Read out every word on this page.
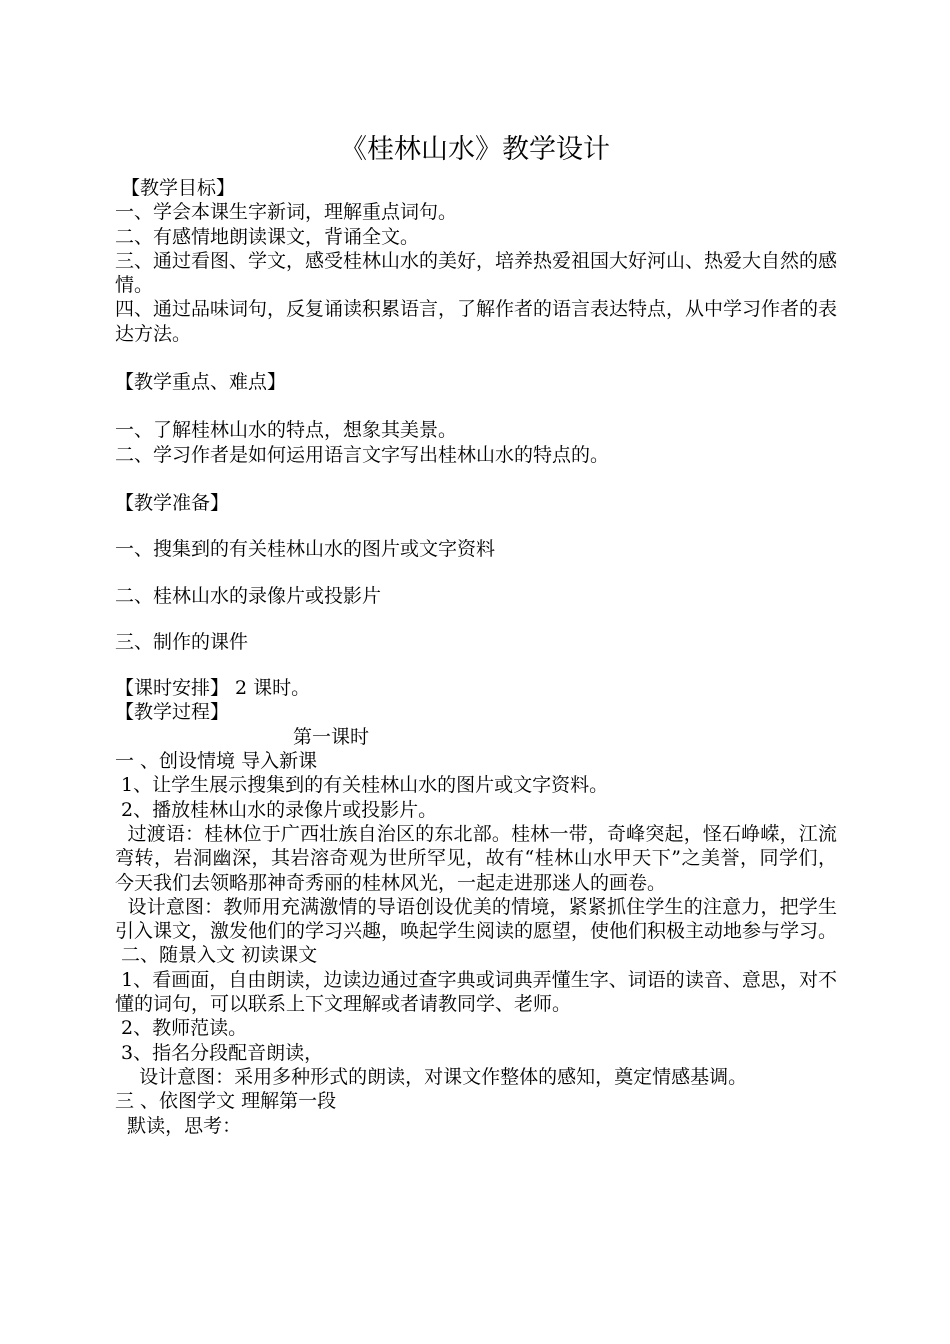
《桂林山水》教学设计

【教学目标】

一、学会本课生字新词，理解重点词句。

二、有感情地朗读课文，背诵全文。

三、通过看图、学文，感受桂林山水的美好，培养热爱祖国大好河山、热爱大自然的感情。

四、通过品味词句，反复诵读积累语言，了解作者的语言表达特点，从中学习作者的表达方法。

【教学重点、难点】

一、了解桂林山水的特点，想象其美景。

二、学习作者是如何运用语言文字写出桂林山水的特点的。

【教学准备】

一、搜集到的有关桂林山水的图片或文字资料

二、桂林山水的录像片或投影片

三、制作的课件

【课时安排】 2 课时。

【教学过程】

第一课时

一 、创设情境 导入新课

1、让学生展示搜集到的有关桂林山水的图片或文字资料。

2、播放桂林山水的录像片或投影片。

过渡语：桂林位于广西壮族自治区的东北部。桂林一带，奇峰突起，怪石峥嵘，江流弯转，岩洞幽深，其岩溶奇观为世所罕见，故有“桂林山水甲天下”之美誉，同学们，今天我们去领略那神奇秀丽的桂林风光，一起走进那迷人的画卷。

设计意图：教师用充满激情的导语创设优美的情境，紧紧抓住学生的注意力，把学生引入课文，激发他们的学习兴趣，唤起学生阅读的愿望，使他们积极主动地参与学习。

二、随景入文 初读课文

1、看画面，自由朗读，边读边通过查字典或词典弄懂生字、词语的读音、意思，对不懂的词句，可以联系上下文理解或者请教同学、老师。

2、教师范读。

3、指名分段配音朗读，

设计意图：采用多种形式的朗读，对课文作整体的感知，奠定情感基调。

三 、依图学文 理解第一段

默读，思考：
